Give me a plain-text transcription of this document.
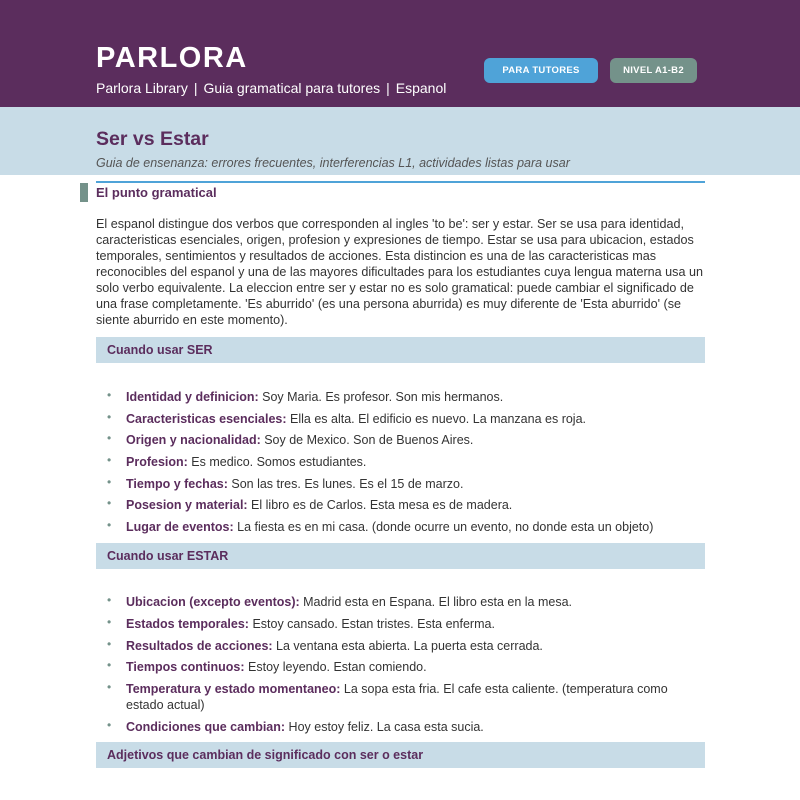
PARLORA
Parlora Library | Guia gramatical para tutores | Espanol
PARA TUTORES	NIVEL A1-B2
Ser vs Estar
Guia de ensenanza: errores frecuentes, interferencias L1, actividades listas para usar
El punto gramatical
El espanol distingue dos verbos que corresponden al ingles 'to be': ser y estar. Ser se usa para identidad, caracteristicas esenciales, origen, profesion y expresiones de tiempo. Estar se usa para ubicacion, estados temporales, sentimientos y resultados de acciones. Esta distincion es una de las caracteristicas mas reconocibles del espanol y una de las mayores dificultades para los estudiantes cuya lengua materna usa un solo verbo equivalente. La eleccion entre ser y estar no es solo gramatical: puede cambiar el significado de una frase completamente. 'Es aburrido' (es una persona aburrida) es muy diferente de 'Esta aburrido' (se siente aburrido en este momento).
Cuando usar SER
• Identidad y definicion: Soy Maria. Es profesor. Son mis hermanos.
• Caracteristicas esenciales: Ella es alta. El edificio es nuevo. La manzana es roja.
• Origen y nacionalidad: Soy de Mexico. Son de Buenos Aires.
• Profesion: Es medico. Somos estudiantes.
• Tiempo y fechas: Son las tres. Es lunes. Es el 15 de marzo.
• Posesion y material: El libro es de Carlos. Esta mesa es de madera.
• Lugar de eventos: La fiesta es en mi casa. (donde ocurre un evento, no donde esta un objeto)
Cuando usar ESTAR
• Ubicacion (excepto eventos): Madrid esta en Espana. El libro esta en la mesa.
• Estados temporales: Estoy cansado. Estan tristes. Esta enferma.
• Resultados de acciones: La ventana esta abierta. La puerta esta cerrada.
• Tiempos continuos: Estoy leyendo. Estan comiendo.
• Temperatura y estado momentaneo: La sopa esta fria. El cafe esta caliente. (temperatura como estado actual)
• Condiciones que cambian: Hoy estoy feliz. La casa esta sucia.
Adjetivos que cambian de significado con ser o estar
